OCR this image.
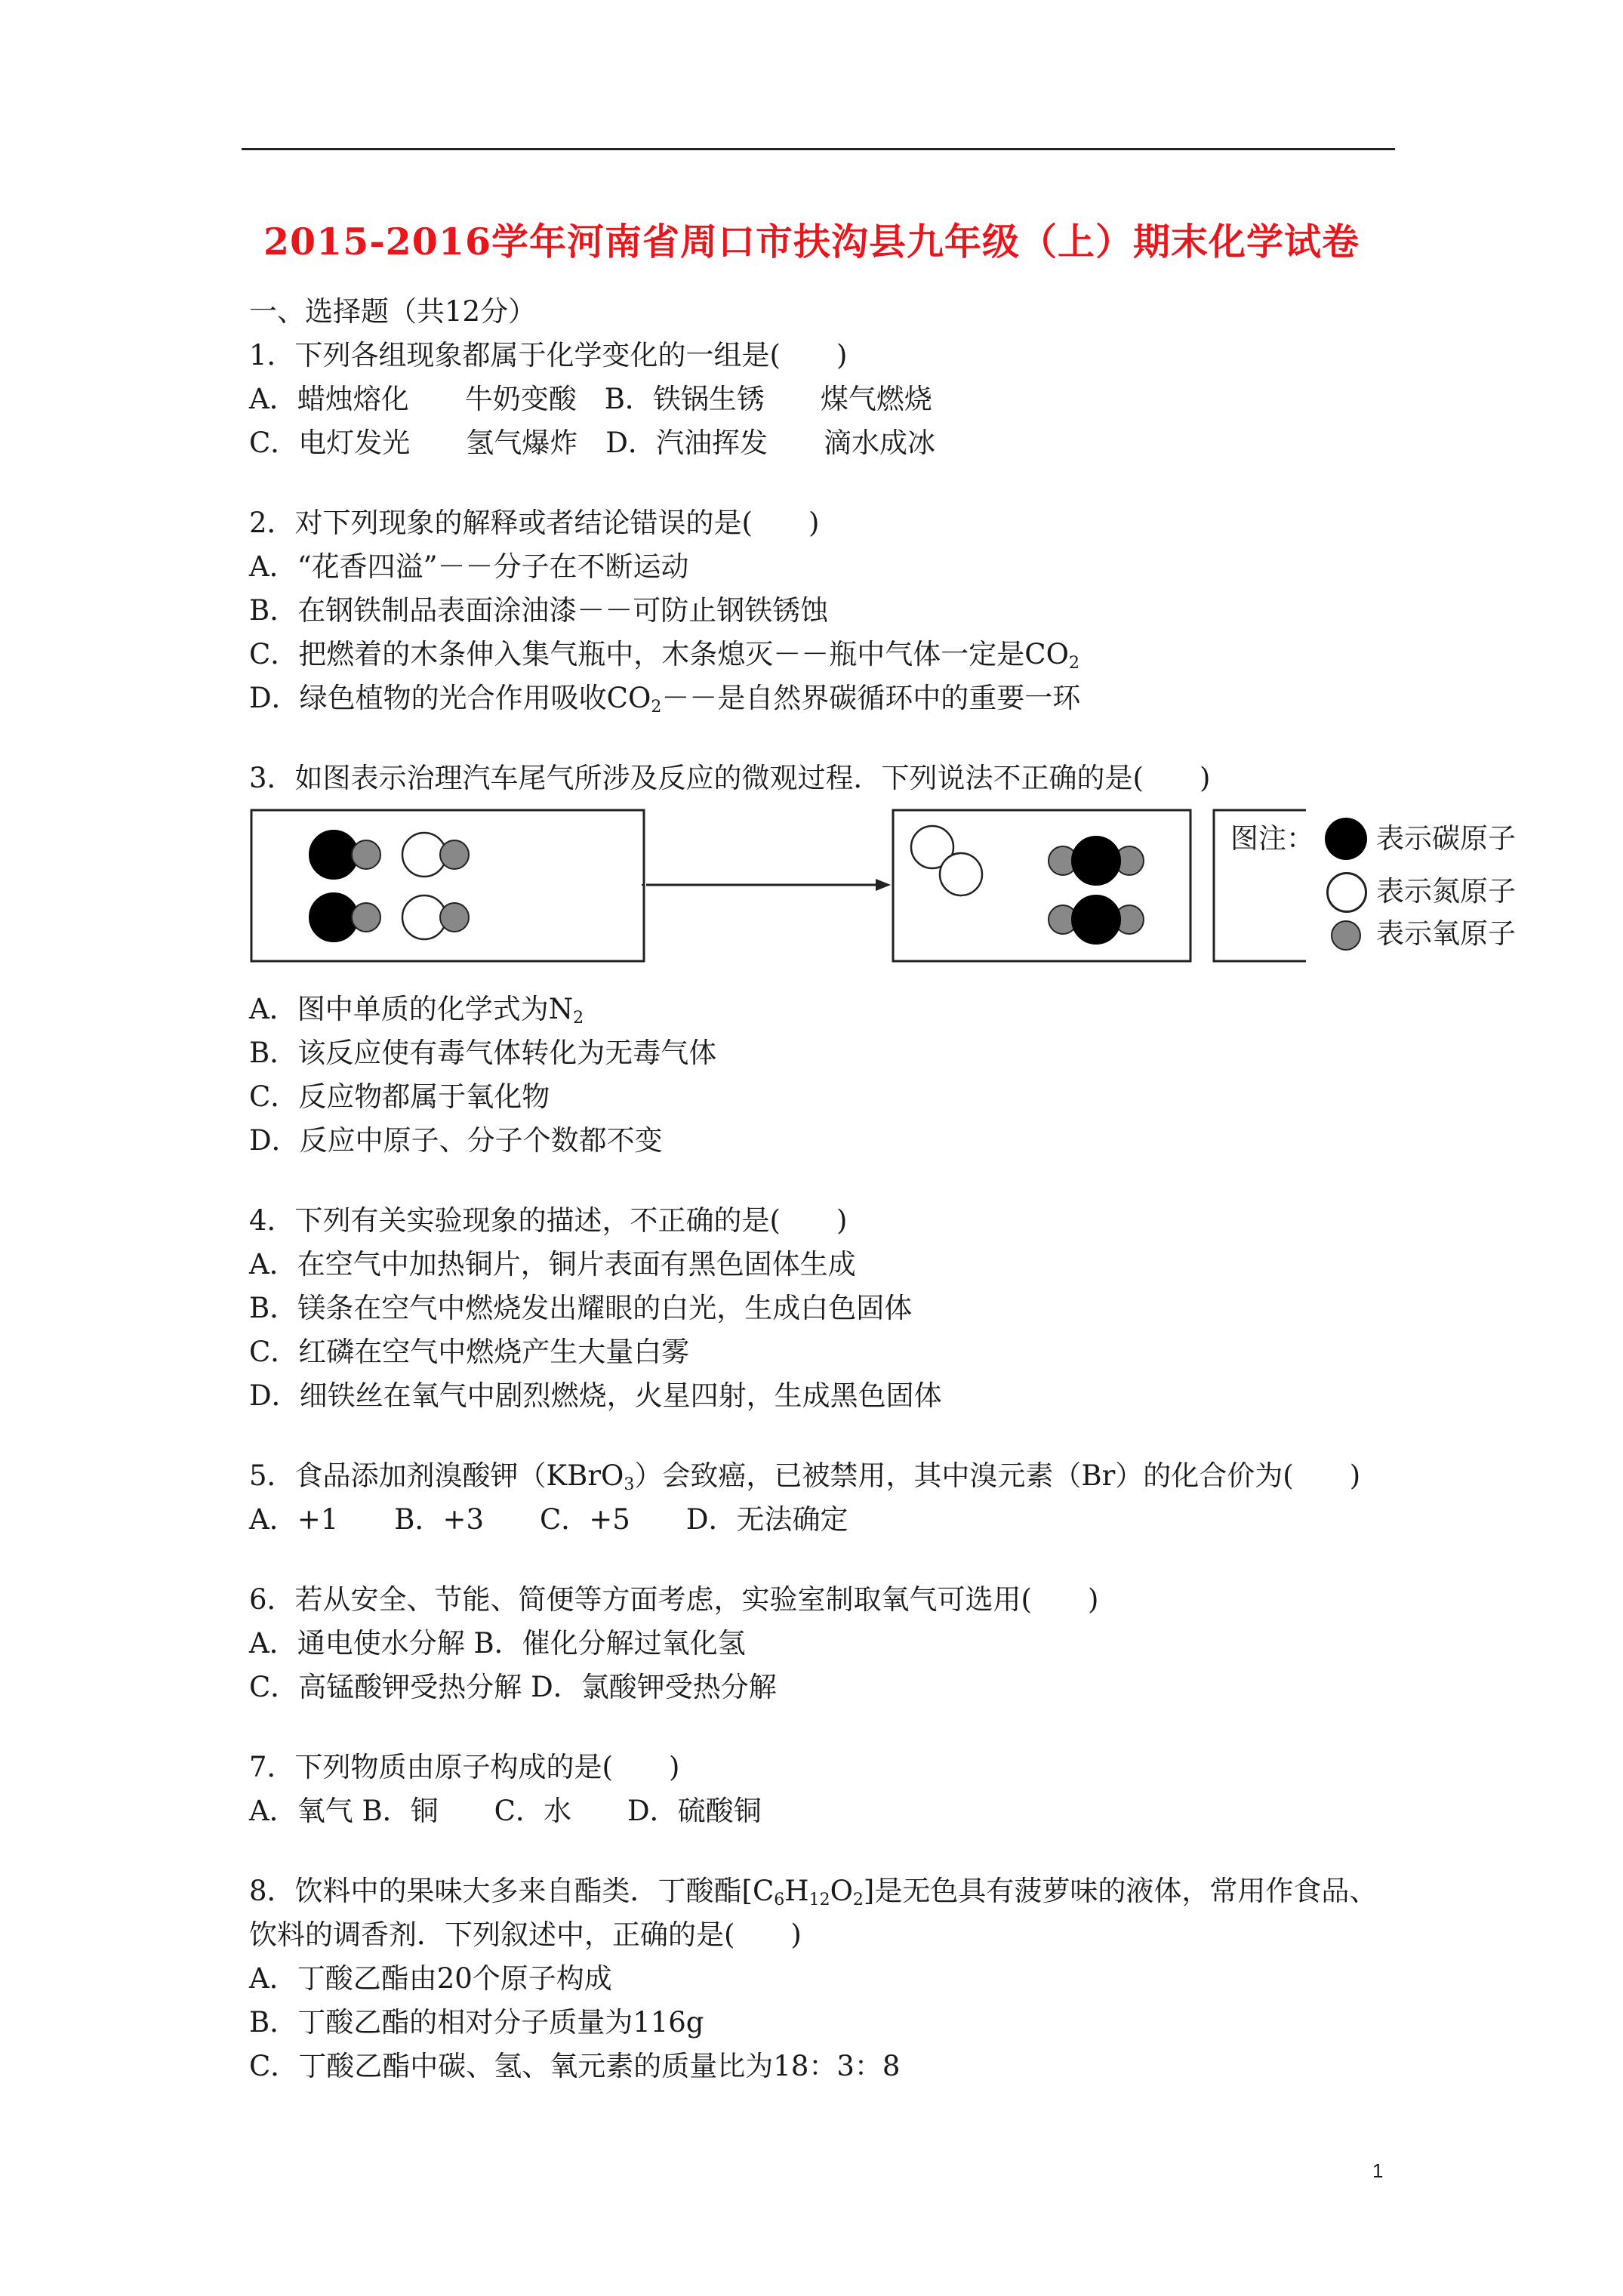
2015-2016学年河南省周口市扶沟县九年级（上）期末化学试卷
一、选择题（共12分）
1．下列各组现象都属于化学变化的一组是(　　)
A．蜡烛熔化　　牛奶变酸　B．铁锅生锈　　煤气燃烧
C．电灯发光　　氢气爆炸　D．汽油挥发　　滴水成冰
2．对下列现象的解释或者结论错误的是(　　)
A．“花香四溢”－－分子在不断运动
B．在钢铁制品表面涂油漆－－可防止钢铁锈蚀
C．把燃着的木条伸入集气瓶中，木条熄灭－－瓶中气体一定是$CO_2$
D．绿色植物的光合作用吸收$CO_2--$是自然界碳循环中的重要一环
3．如图表示治理汽车尾气所涉及反应的微观过程．下列说法不正确的是(　　)
A．图中单质的化学式为$N_2$
B．该反应使有毒气体转化为无毒气体
C．反应物都属于氧化物
D．反应中原子、分子个数都不变
4．下列有关实验现象的描述，不正确的是(　　)
A．在空气中加热铜片，铜片表面有黑色固体生成
B．镁条在空气中燃烧发出耀眼的白光，生成白色固体
C．红磷在空气中燃烧产生大量白雾
D．细铁丝在氧气中剧烈燃烧，火星四射，生成黑色固体
5．食品添加剂溴酸钾（KBrO$_3$）会致癌，已被禁用，其中溴元素（Br）的化合价为(　　)
A．+1　　B．+3　　C．+5　　D．无法确定
6．若从安全、节能、简便等方面考虑，实验室制取氧气可选用(　　)
A．通电使水分解 B．催化分解过氧化氢
C．高锰酸钾受热分解 D．氯酸钾受热分解
7．下列物质由原子构成的是(　　)
A．氧气 B．铜　　C．水　　D．硫酸铜
8．饮料中的果味大多来自酯类．丁酸酯$[C_6H_{12}O_2]$是无色具有菠萝味的液体，常用作食品、
饮料的调香剂．下列叙述中，正确的是(　　)
A．丁酸乙酯由20个原子构成
B．丁酸乙酯的相对分子质量为116g
C．丁酸乙酯中碳、氢、氧元素的质量比为18：3：8
图注： 表示碳原子
表示氮原子
表示氧原子
1
